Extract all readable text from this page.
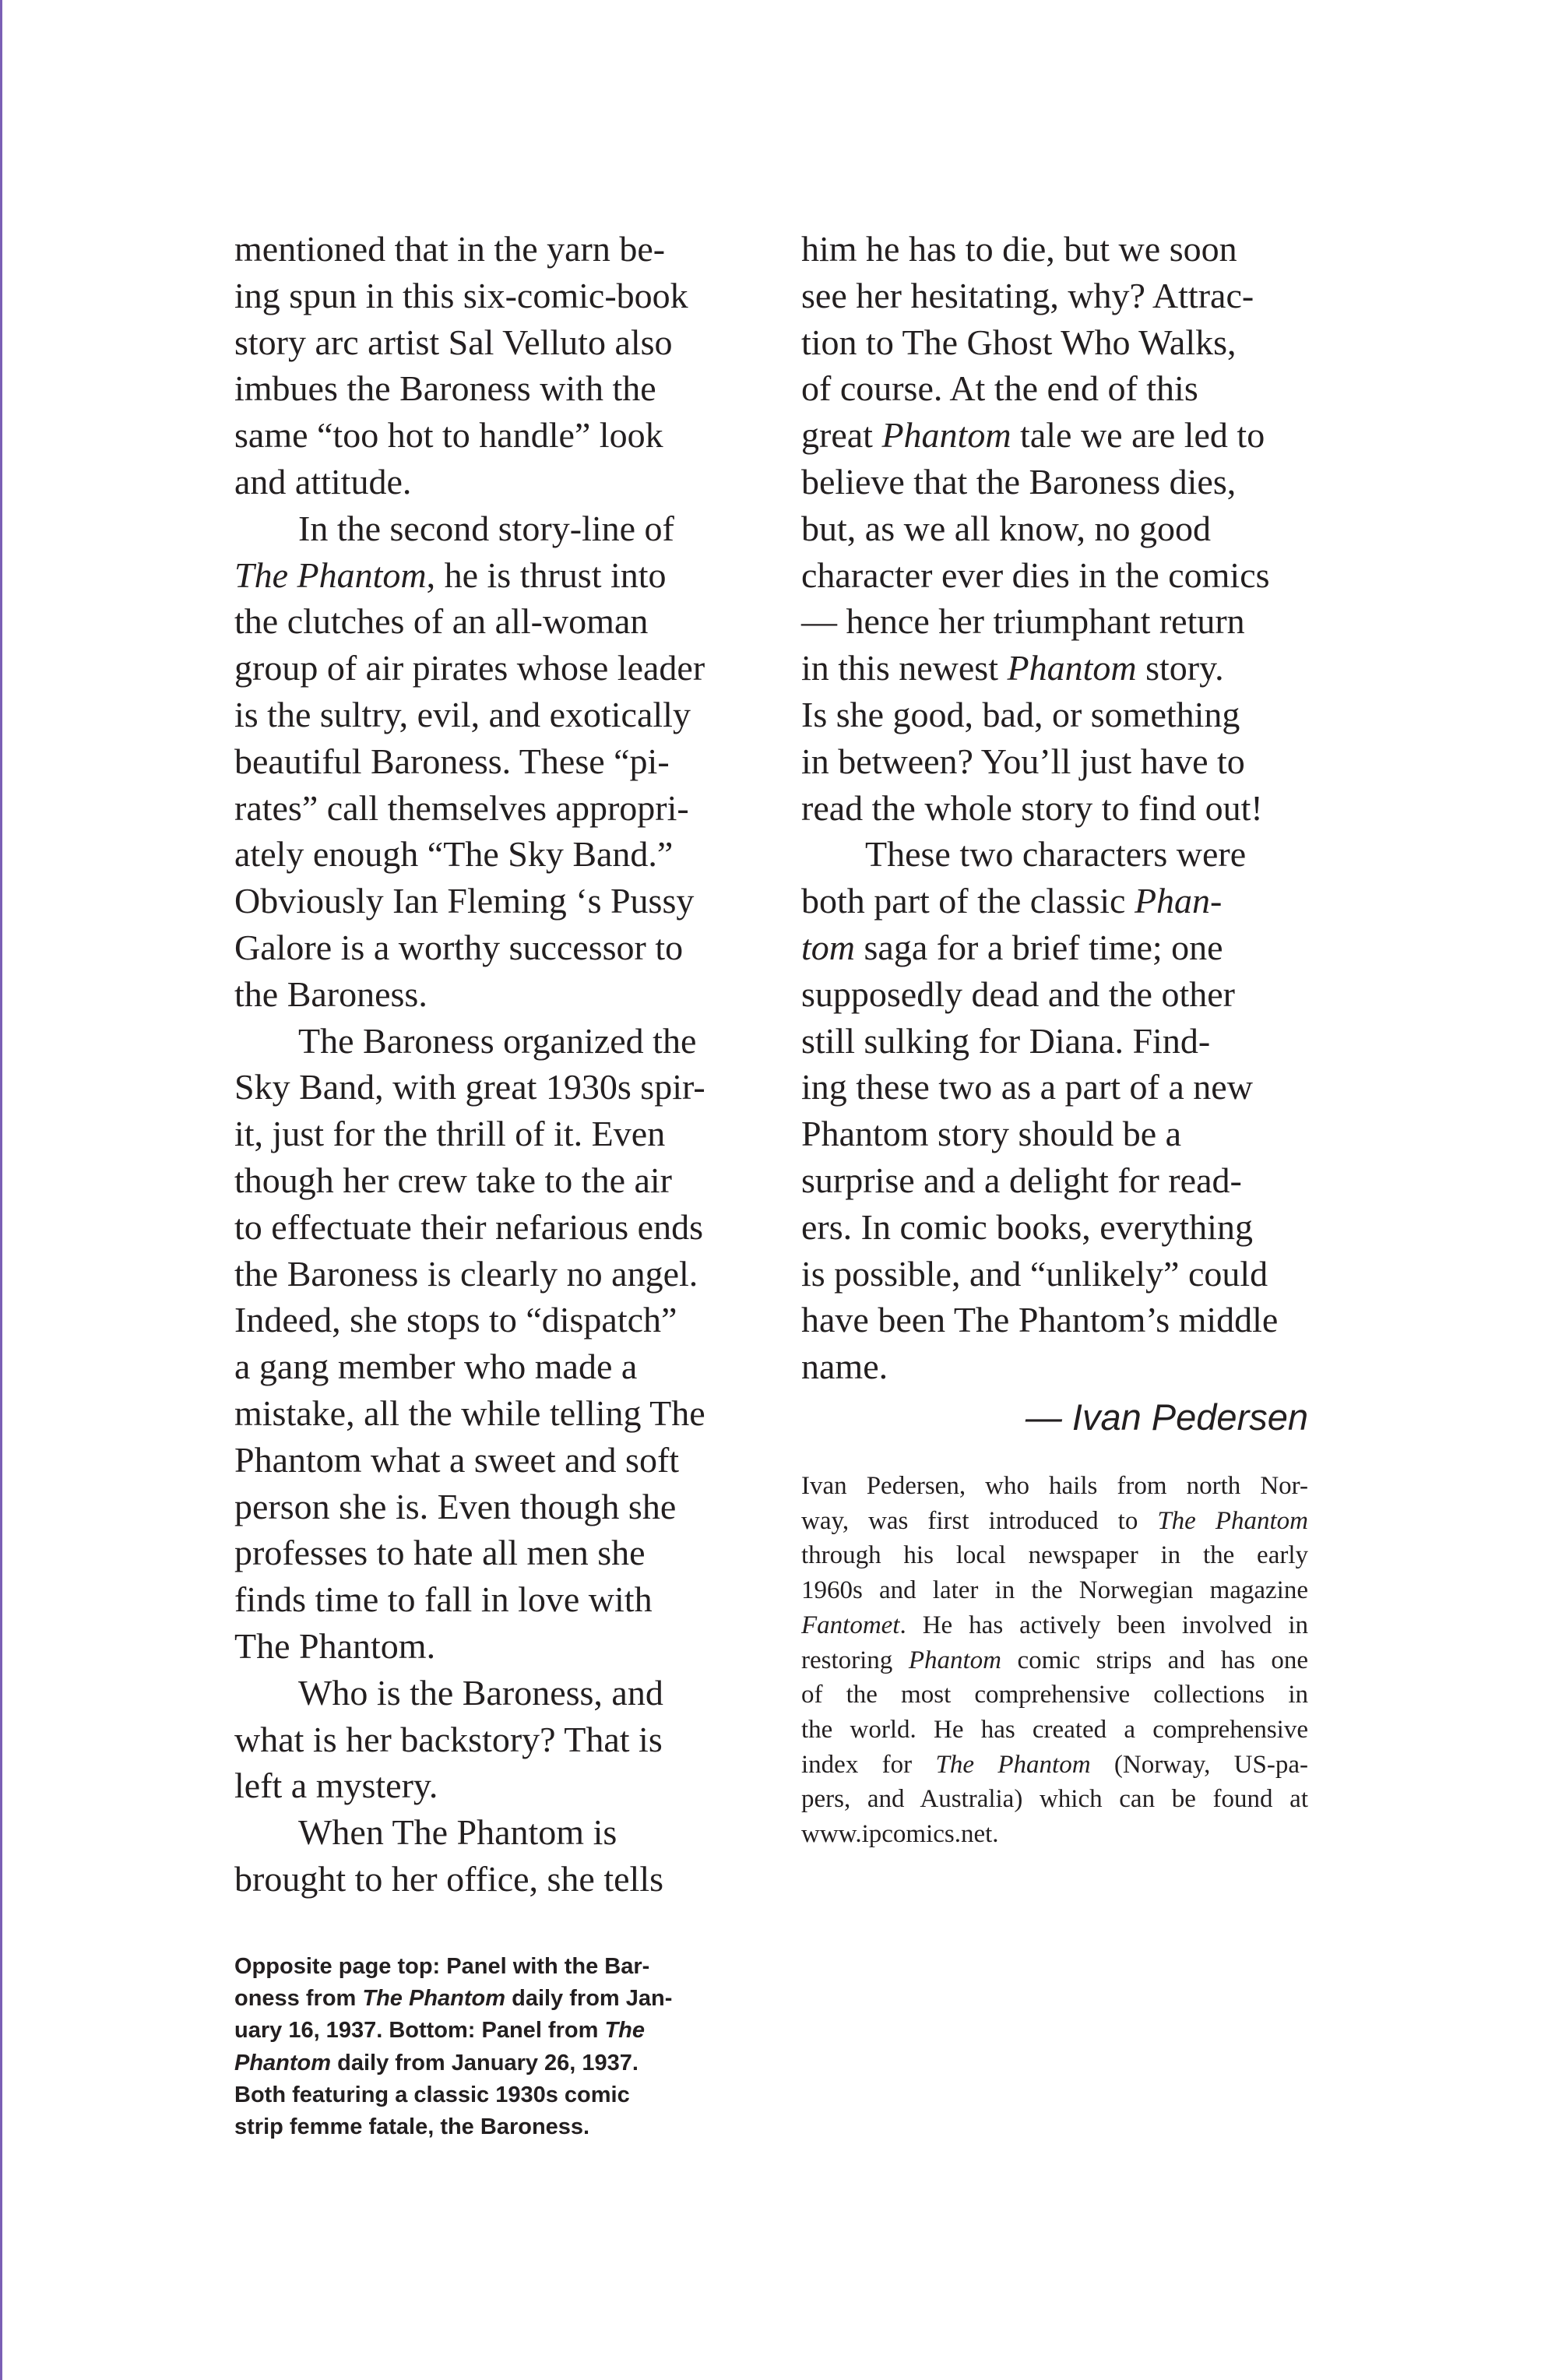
mentioned that in the yarn be-
ing spun in this six-comic-book
story arc artist Sal Velluto also
imbues the Baroness with the
same “too hot to handle” look
and attitude.
In the second story-line of
The Phantom, he is thrust into
the clutches of an all-woman
group of air pirates whose leader
is the sultry, evil, and exotically
beautiful Baroness. These “pi-
rates” call themselves appropri-
ately enough “The Sky Band.”
Obviously Ian Fleming ‘s Pussy
Galore is a worthy successor to
the Baroness.
The Baroness organized the
Sky Band, with great 1930s spir-
it, just for the thrill of it. Even
though her crew take to the air
to effectuate their nefarious ends
the Baroness is clearly no angel.
Indeed, she stops to “dispatch”
a gang member who made a
mistake, all the while telling The
Phantom what a sweet and soft
person she is. Even though she
professes to hate all men she
finds time to fall in love with
The Phantom.
Who is the Baroness, and
what is her backstory? That is
left a mystery.
When The Phantom is
brought to her office, she tells
him he has to die, but we soon
see her hesitating, why? Attrac-
tion to The Ghost Who Walks,
of course. At the end of this
great Phantom tale we are led to
believe that the Baroness dies,
but, as we all know, no good
character ever dies in the comics
— hence her triumphant return
in this newest Phantom story.
Is she good, bad, or something
in between? You’ll just have to
read the whole story to find out!
These two characters were
both part of the classic Phan-
tom saga for a brief time; one
supposedly dead and the other
still sulking for Diana. Find-
ing these two as a part of a new
Phantom story should be a
surprise and a delight for read-
ers. In comic books, everything
is possible, and “unlikely” could
have been The Phantom’s middle
name.
— Ivan Pedersen
Ivan Pedersen, who hails from north Nor-
way, was first introduced to The Phantom
through his local newspaper in the early
1960s and later in the Norwegian magazine
Fantomet. He has actively been involved in
restoring Phantom comic strips and has one
of the most comprehensive collections in
the world. He has created a comprehensive
index for The Phantom (Norway, US-pa-
pers, and Australia) which can be found at
www.ipcomics.net.
Opposite page top: Panel with the Bar-
oness from The Phantom daily from Jan-
uary 16, 1937. Bottom: Panel from The
Phantom daily from January 26, 1937.
Both featuring a classic 1930s comic
strip femme fatale, the Baroness.
